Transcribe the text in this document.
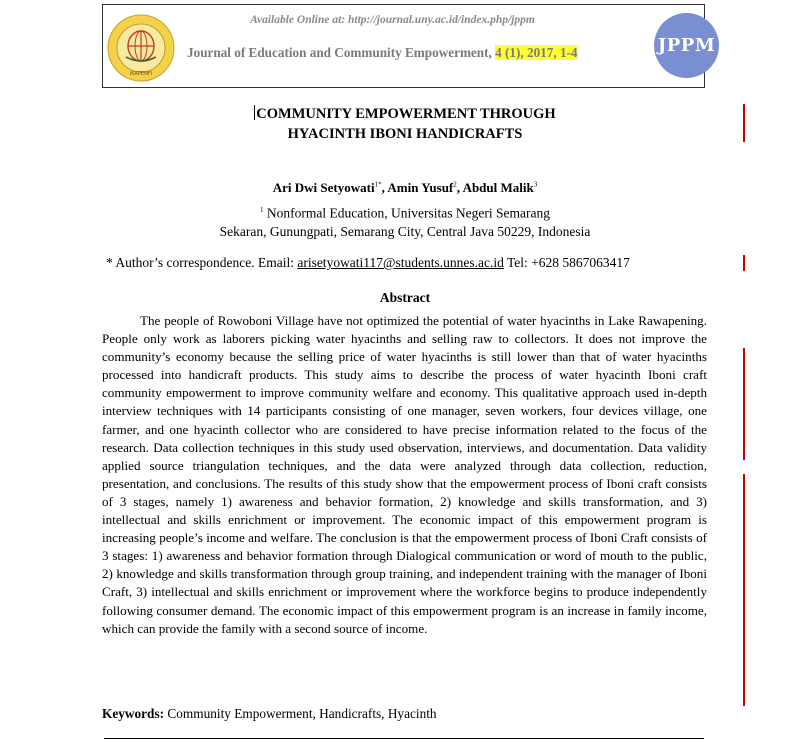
IKAPENFI
Available Online at: http://journal.uny.ac.id/index.php/jppm
Journal of Education and Community Empowerment, 4 (1), 2017, 1-4	JPPM
COMMUNITY EMPOWERMENT THROUGH
HYACINTH IBONI HANDICRAFTS
Ari Dwi Setyowati$^{1*}$, Amin Yusuf$^2$, Abdul Malik$^3$
$^1$ Nonformal Education, Universitas Negeri Semarang
Sekaran, Gunungpati, Semarang City, Central Java 50229, Indonesia
* Author’s correspondence. Email: arisetyowati117@students.unnes.ac.id Tel: +628 5867063417
Abstract
The people of Rowoboni Village have not optimized the potential of water hyacinths in Lake Rawapening. People only work as laborers picking water hyacinths and selling raw to collectors. It does not improve the community’s economy because the selling price of water hyacinths is still lower than that of water hyacinths processed into handicraft products. This study aims to describe the process of water hyacinth Iboni craft community empowerment to improve community welfare and economy. This qualitative approach used in-depth interview techniques with 14 participants consisting of one manager, seven workers, four devices village, one farmer, and one hyacinth collector who are considered to have precise information related to the focus of the research. Data collection techniques in this study used observation, interviews, and documentation. Data validity applied source triangulation techniques, and the data were analyzed through data collection, reduction, presentation, and conclusions. The results of this study show that the empowerment process of Iboni craft consists of 3 stages, namely 1) awareness and behavior formation, 2) knowledge and skills transformation, and 3) intellectual and skills enrichment or improvement. The economic impact of this empowerment program is increasing people’s income and welfare. The conclusion is that the empowerment process of Iboni Craft consists of 3 stages: 1) awareness and behavior formation through Dialogical communication or word of mouth to the public, 2) knowledge and skills transformation through group training, and independent training with the manager of Iboni Craft, 3) intellectual and skills enrichment or improvement where the workforce begins to produce independently following consumer demand. The economic impact of this empowerment program is an increase in family income, which can provide the family with a second source of income.
Keywords: Community Empowerment, Handicrafts, Hyacinth
